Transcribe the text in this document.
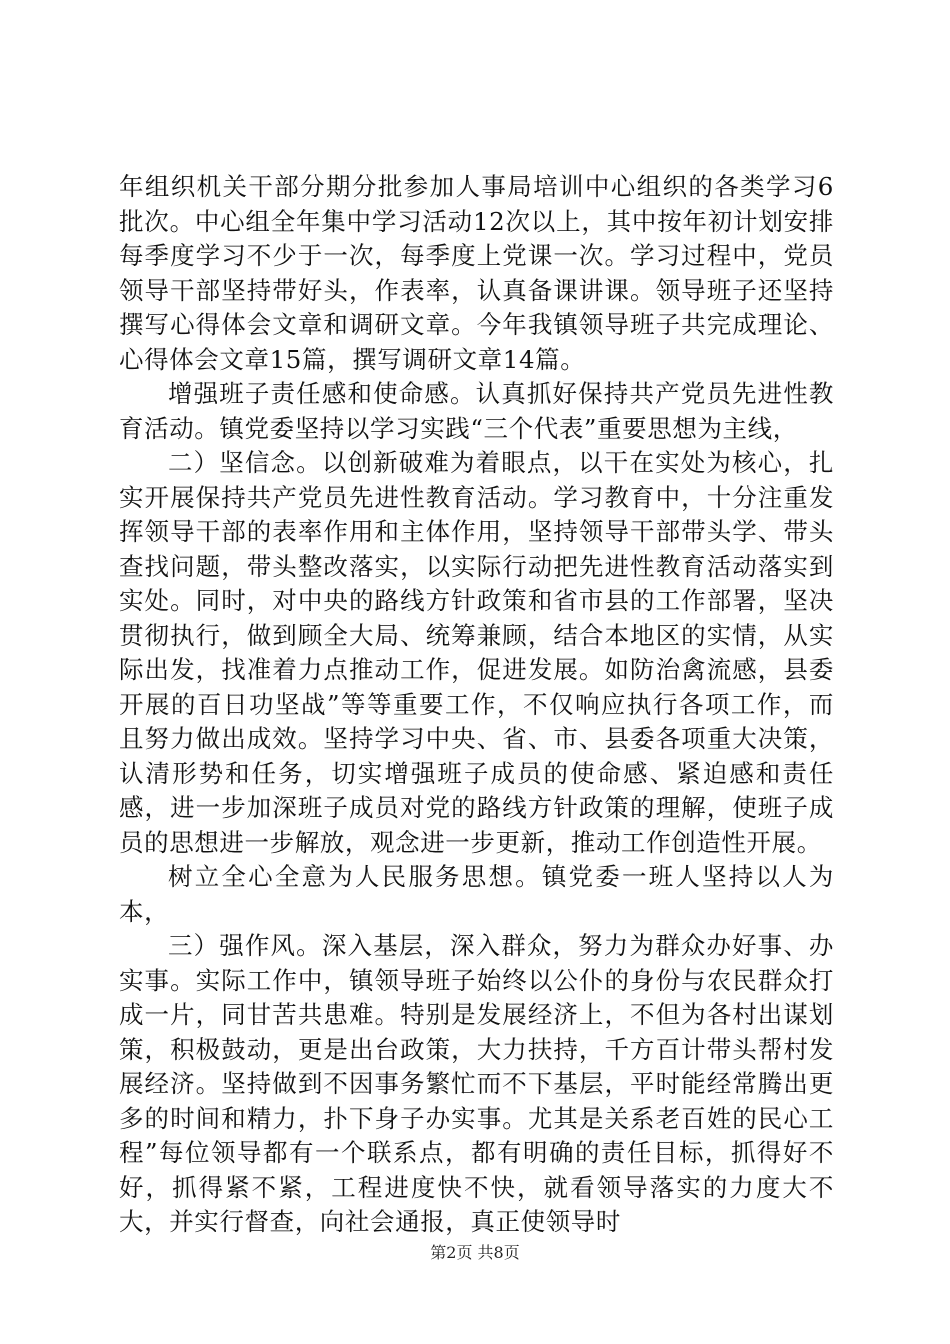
年组织机关干部分期分批参加人事局培训中心组织的各类学习6批次。中心组全年集中学习活动12次以上，其中按年初计划安排每季度学习不少于一次，每季度上党课一次。学习过程中，党员领导干部坚持带好头，作表率，认真备课讲课。领导班子还坚持撰写心得体会文章和调研文章。今年我镇领导班子共完成理论、心得体会文章15篇，撰写调研文章14篇。

增强班子责任感和使命感。认真抓好保持共产党员先进性教育活动。镇党委坚持以学习实践“三个代表”重要思想为主线，

二）坚信念。以创新破难为着眼点，以干在实处为核心，扎实开展保持共产党员先进性教育活动。学习教育中，十分注重发挥领导干部的表率作用和主体作用，坚持领导干部带头学、带头查找问题，带头整改落实，以实际行动把先进性教育活动落实到实处。同时，对中央的路线方针政策和省市县的工作部署，坚决贯彻执行，做到顾全大局、统筹兼顾，结合本地区的实情，从实际出发，找准着力点推动工作，促进发展。如防治禽流感，县委开展的百日功坚战”等等重要工作，不仅响应执行各项工作，而且努力做出成效。坚持学习中央、省、市、县委各项重大决策，认清形势和任务，切实增强班子成员的使命感、紧迫感和责任感，进一步加深班子成员对党的路线方针政策的理解，使班子成员的思想进一步解放，观念进一步更新，推动工作创造性开展。

树立全心全意为人民服务思想。镇党委一班人坚持以人为本，

三）强作风。深入基层，深入群众，努力为群众办好事、办实事。实际工作中，镇领导班子始终以公仆的身份与农民群众打成一片，同甘苦共患难。特别是发展经济上，不但为各村出谋划策，积极鼓动，更是出台政策，大力扶持，千方百计带头帮村发展经济。坚持做到不因事务繁忙而不下基层，平时能经常腾出更多的时间和精力，扑下身子办实事。尤其是关系老百姓的民心工程”每位领导都有一个联系点，都有明确的责任目标，抓得好不好，抓得紧不紧，工程进度快不快，就看领导落实的力度大不大，并实行督查，向社会通报，真正使领导时

第2页 共8页
